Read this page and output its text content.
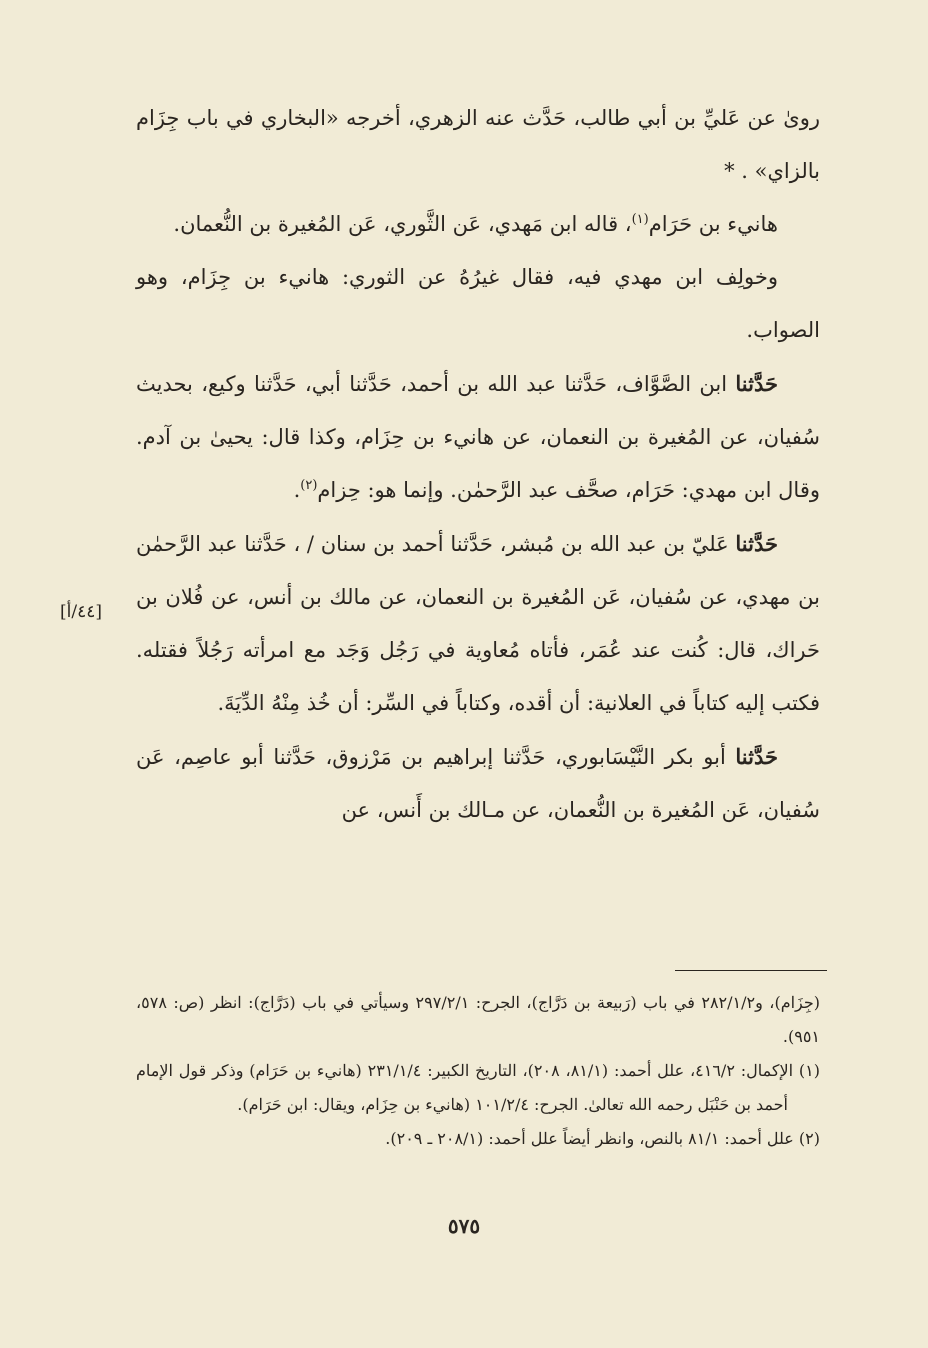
[٤٤/أ]

روىٰ عن عَليِّ بن أبي طالب، حَدَّث عنه الزهري، أخرجه «البخاري في باب جِزَام بالزاي» . *

هانيء بن حَرَام$^{(١)}$، قاله ابن مَهدي، عَن الثَّوري، عَن المُغيرة بن النُّعمان.

وخولِف ابن مهدي فيه، فقال غيرُهُ عن الثوري: هانيء بن جِزَام، وهو الصواب.

حَدَّثنا ابن الصَّوَّاف، حَدَّثنا عبد الله بن أحمد، حَدَّثنا أبي، حَدَّثنا وكيع، بحديث سُفيان، عن المُغيرة بن النعمان، عن هانيء بن حِزَام، وكذا قال: يحيىٰ بن آدم. وقال ابن مهدي: حَرَام، صحَّف عبد الرَّحمٰن. وإنما هو: حِزام$^{(٢)}$.

حَدَّثنا عَليّ بن عبد الله بن مُبشر، حَدَّثنا أحمد بن سنان / ، حَدَّثنا عبد الرَّحمٰن بن مهدي، عن سُفيان، عَن المُغيرة بن النعمان، عن مالك بن أنس، عن فُلان بن حَراك، قال: كُنت عند عُمَر، فأتاه مُعاوية في رَجُل وَجَد مع امرأته رَجُلاً فقتله. فكتب إليه كتاباً في العلانية: أن أقده، وكتاباً في السِّر: أن خُذ مِنْهُ الدِّيَةَ.

حَدَّثنا أبو بكر النَّيْسَابوري، حَدَّثنا إبراهيم بن مَرْزوق، حَدَّثنا أبو عاصِم، عَن سُفيان، عَن المُغيرة بن النُّعمان، عن مـالك بن أَنس، عن

(جِزَام)، و٢٨٢/١/٢ في باب (رَبيعة بن دَرَّاج)، الجرح: ٢٩٧/٢/١ وسيأتي في باب (دَرَّاج): انظر (ص: ٥٧٨، ٩٥١).

(١) الإكمال: ٤١٦/٢، علل أحمد: (٨١/١، ٢٠٨)، التاريخ الكبير: ٢٣١/١/٤ (هانيء بن حَرَام) وذكر قول الإمام أحمد بن حَنْبَل رحمه الله تعالىٰ. الجرح: ١٠١/٢/٤ (هانيء بن حِزَام، ويقال: ابن حَرَام).

(٢) علل أحمد: ٨١/١ بالنص، وانظر أيضاً علل أحمد: (٢٠٨/١ ـ ٢٠٩).

٥٧٥
